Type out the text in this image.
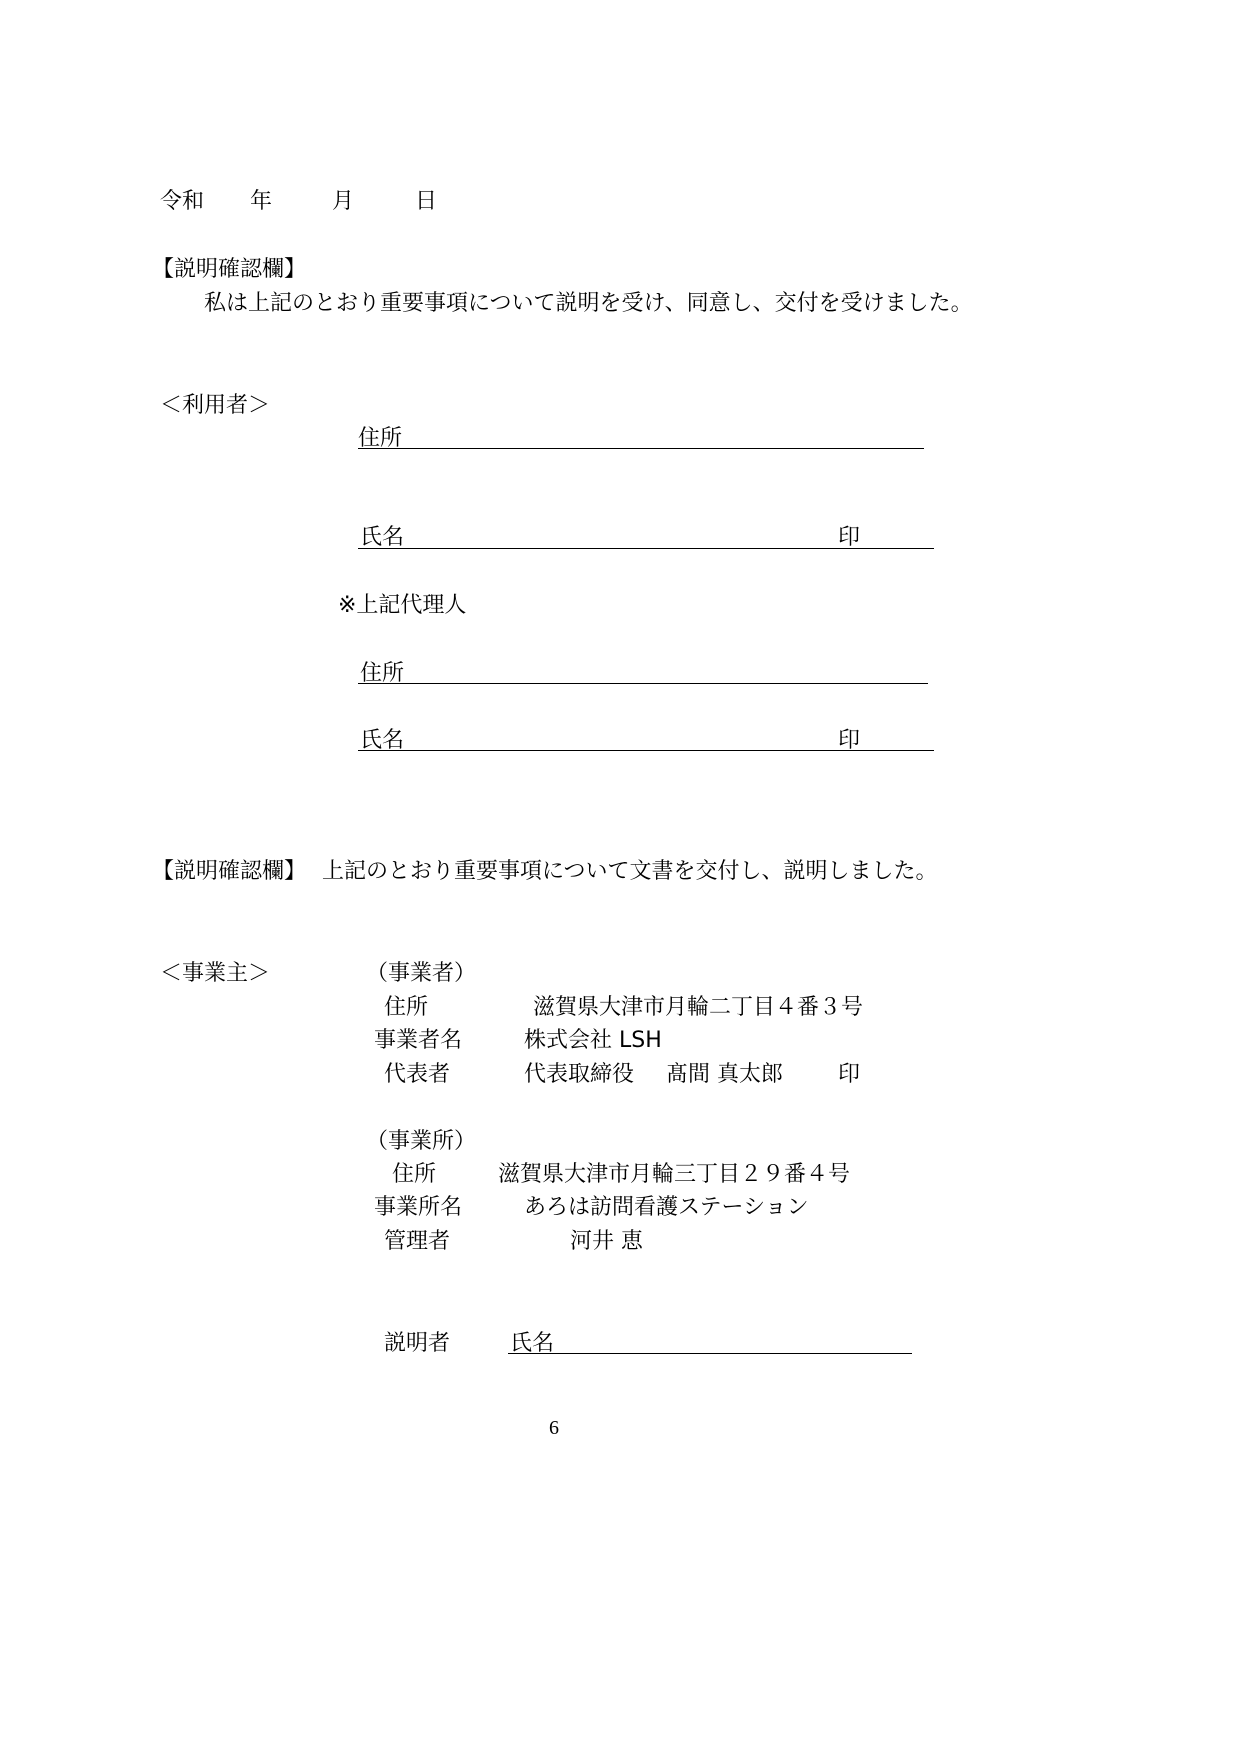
令和 年	月	日
【説明確認欄】
私は上記のとおり重要事項について説明を受け、同意し、交付を受けました。
＜利用者＞
住所
氏名	印
※上記代理人
住所
氏名	印
【説明確認欄】 上記のとおり重要事項について文書を交付し、説明しました。
＜事業主＞	（事業者）
住所	滋賀県大津市月輪二丁目４番３号
事業者名	株式会社 LSH
代表者	代表取締役 髙間 真太郎	印
（事業所）
住所	滋賀県大津市月輪三丁目２９番４号
事業所名	あろは訪問看護ステーション
管理者	河井 恵
説明者	氏名
6
